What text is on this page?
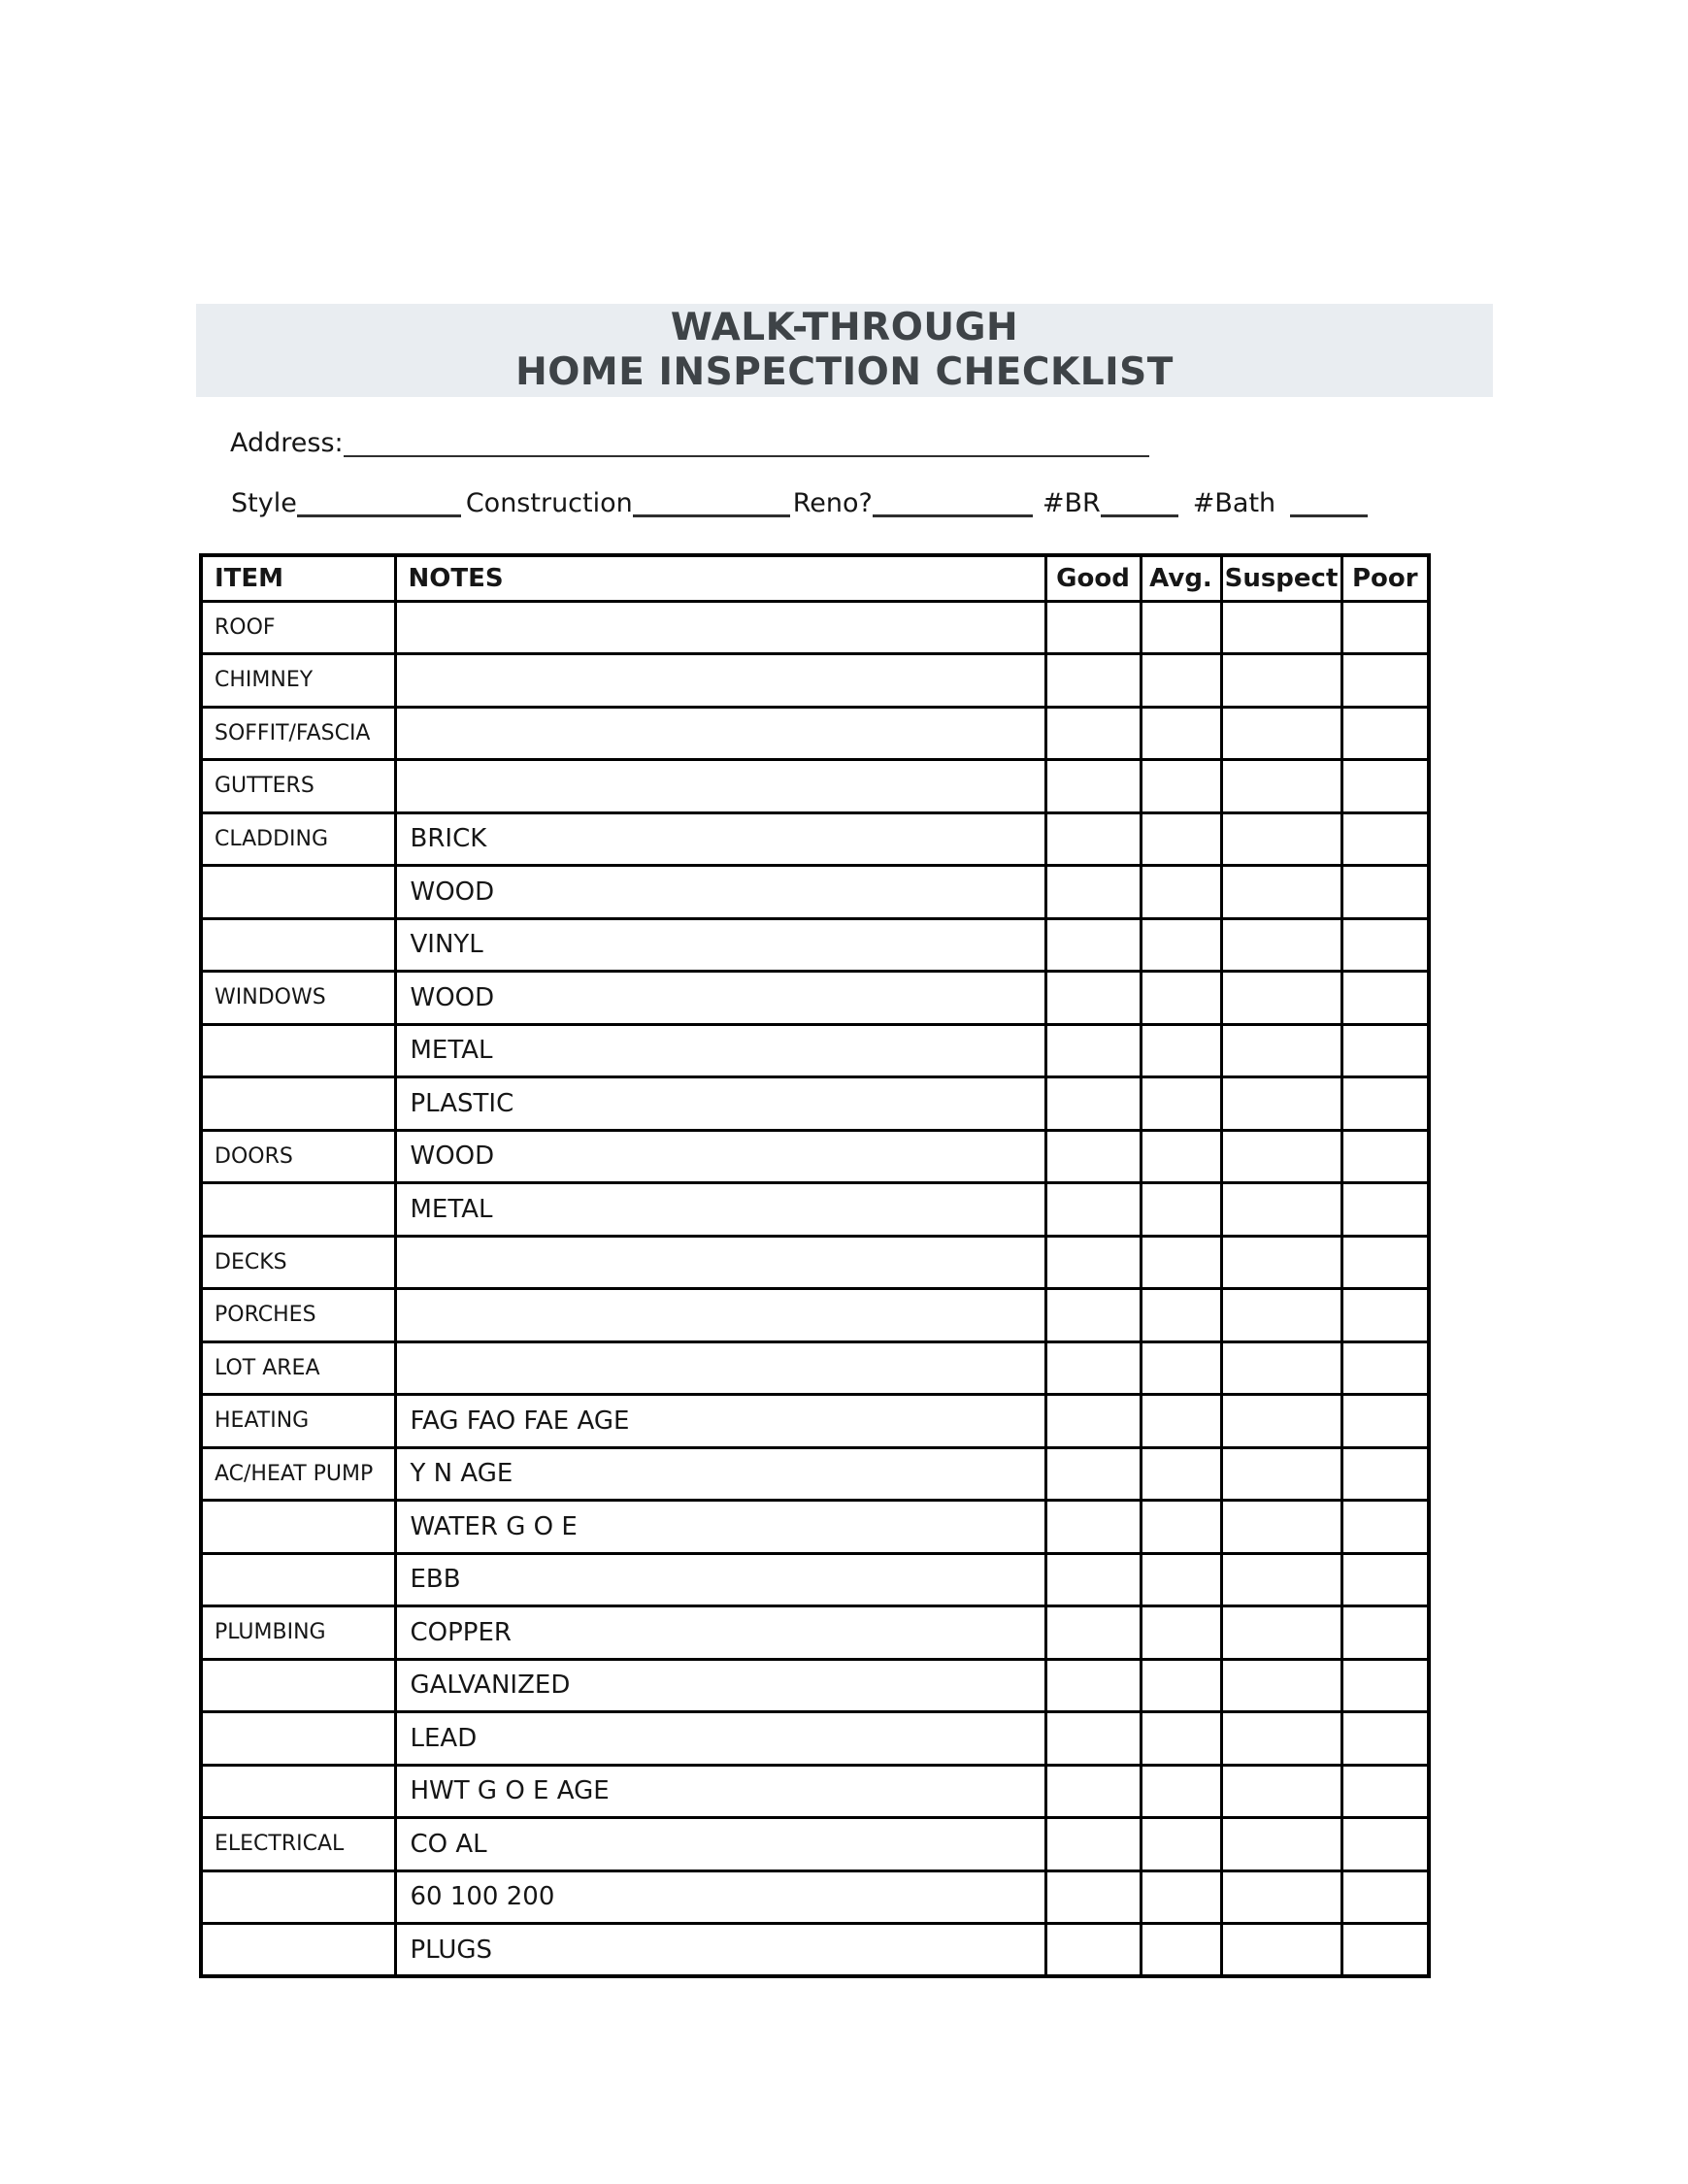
WALK-THROUGH
HOME INSPECTION CHECKLIST
Address:
Style	Construction	Reno?	#BR	#Bath
ITEM	NOTES	Good	Avg.	Suspect	Poor
ROOF					
CHIMNEY					
SOFFIT/FASCIA					
GUTTERS					
CLADDING	BRICK				
	WOOD				
	VINYL				
WINDOWS	WOOD				
	METAL				
	PLASTIC				
DOORS	WOOD				
	METAL				
DECKS					
PORCHES					
LOT AREA					
HEATING	FAG FAO FAE AGE				
AC/HEAT PUMP	Y N AGE				
	WATER G O E				
	EBB				
PLUMBING	COPPER				
	GALVANIZED				
	LEAD				
	HWT G O E AGE				
ELECTRICAL	CO AL				
	60 100 200				
	PLUGS				
